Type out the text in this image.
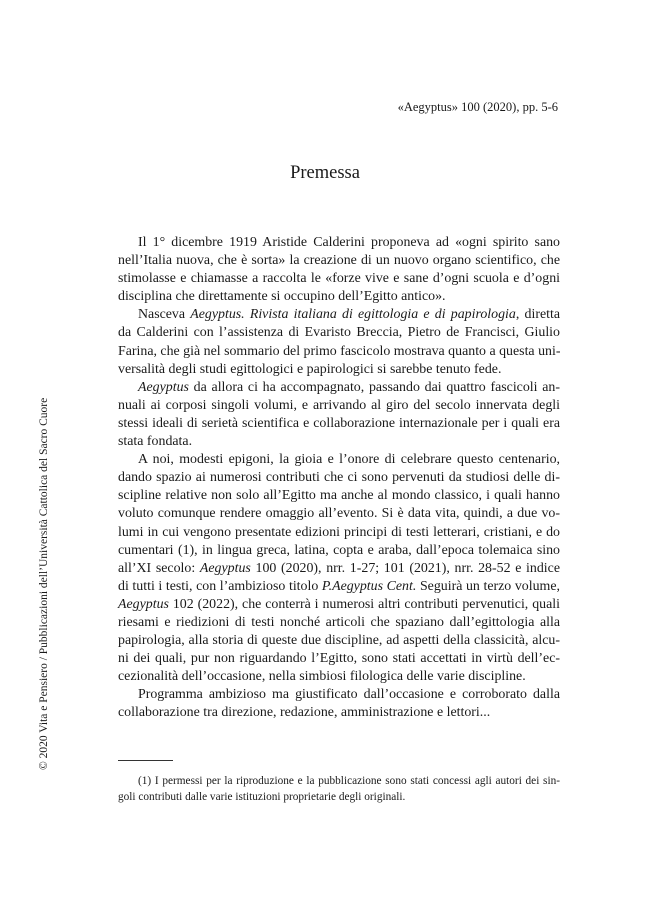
«Aegyptus» 100 (2020), pp. 5-6
Premessa
Il 1° dicembre 1919 Aristide Calderini proponeva ad «ogni spirito sano
nell’Italia nuova, che è sorta» la creazione di un nuovo organo scientifico, che
stimolasse e chiamasse a raccolta le «forze vive e sane d’ogni scuola e d’ogni
disciplina che direttamente si occupino dell’Egitto antico».
Nasceva Aegyptus. Rivista italiana di egittologia e di papirologia, diretta
da Calderini con l’assistenza di Evaristo Breccia, Pietro de Francisci, Giulio
Farina, che già nel sommario del primo fascicolo mostrava quanto a questa uni-
versalità degli studi egittologici e papirologici si sarebbe tenuto fede.
Aegyptus da allora ci ha accompagnato, passando dai quattro fascicoli an-
nuali ai corposi singoli volumi, e arrivando al giro del secolo innervata degli
stessi ideali di serietà scientifica e collaborazione internazionale per i quali era
stata fondata.
A noi, modesti epigoni, la gioia e l’onore di celebrare questo centenario,
dando spazio ai numerosi contributi che ci sono pervenuti da studiosi delle di-
scipline relative non solo all’Egitto ma anche al mondo classico, i quali hanno
voluto comunque rendere omaggio all’evento. Si è data vita, quindi, a due vo-
lumi in cui vengono presentate edizioni principi di testi letterari, cristiani, e do
cumentari (1), in lingua greca, latina, copta e araba, dall’epoca tolemaica sino
all’XI secolo: Aegyptus 100 (2020), nrr. 1-27; 101 (2021), nrr. 28-52 e indice
di tutti i testi, con l’ambizioso titolo P.Aegyptus Cent. Seguirà un terzo volume,
Aegyptus 102 (2022), che conterrà i numerosi altri contributi pervenutici, quali
riesami e riedizioni di testi nonché articoli che spaziano dall’egittologia alla
papirologia, alla storia di queste due discipline, ad aspetti della classicità, alcu-
ni dei quali, pur non riguardando l’Egitto, sono stati accettati in virtù dell’ec-
cezionalità dell’occasione, nella simbiosi filologica delle varie discipline.
Programma ambizioso ma giustificato dall’occasione e corroborato dalla
collaborazione tra direzione, redazione, amministrazione e lettori...
(1) I permessi per la riproduzione e la pubblicazione sono stati concessi agli autori dei sin-
goli contributi dalle varie istituzioni proprietarie degli originali.
© 2020 Vita e Pensiero / Pubblicazioni dell’Università Cattolica del Sacro Cuore
